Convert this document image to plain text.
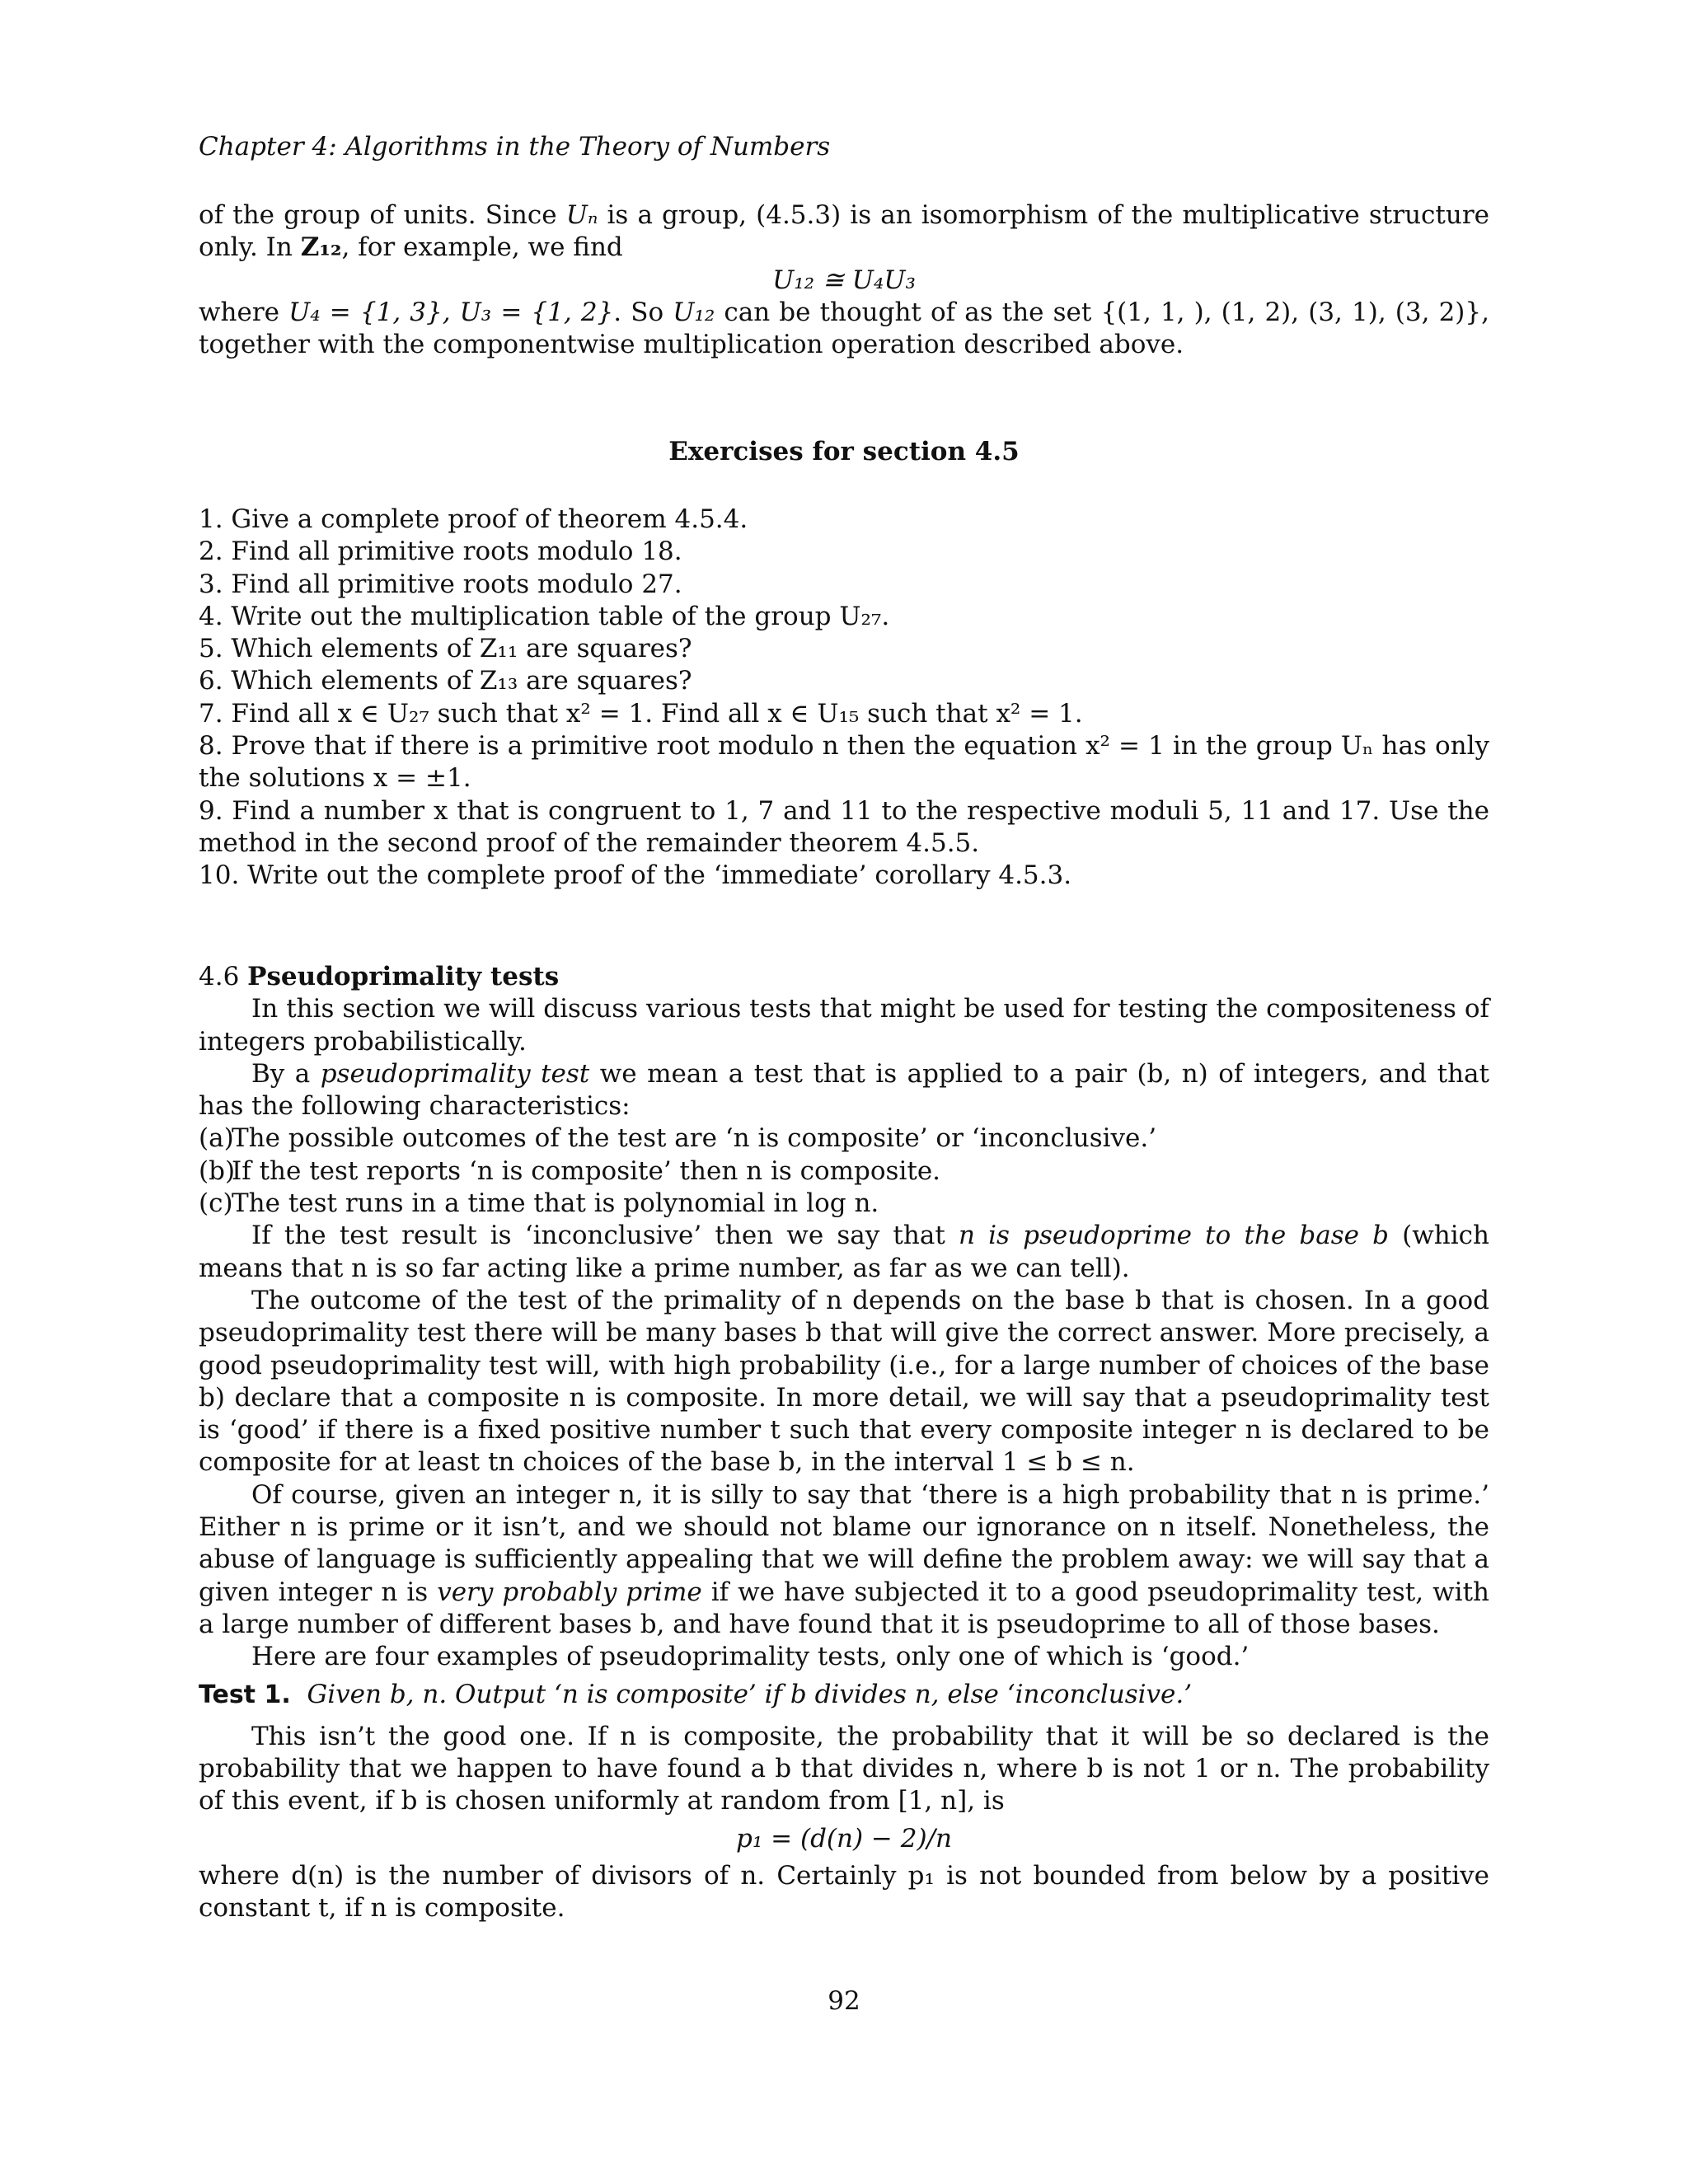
Chapter 4: Algorithms in the Theory of Numbers

of the group of units. Since Uₙ is a group, (4.5.3) is an isomorphism of the multiplicative structure only. In Z₁₂, for example, we find

U₁₂ ≅ U₄U₃

where U₄ = {1, 3}, U₃ = {1, 2}. So U₁₂ can be thought of as the set {(1, 1, ), (1, 2), (3, 1), (3, 2)}, together with the componentwise multiplication operation described above.

Exercises for section 4.5
1. Give a complete proof of theorem 4.5.4.
2. Find all primitive roots modulo 18.
3. Find all primitive roots modulo 27.
4. Write out the multiplication table of the group U₂₇.
5. Which elements of Z₁₁ are squares?
6. Which elements of Z₁₃ are squares?
7. Find all x ∈ U₂₇ such that x² = 1. Find all x ∈ U₁₅ such that x² = 1.
8. Prove that if there is a primitive root modulo n then the equation x² = 1 in the group Uₙ has only the solutions x = ±1.
9. Find a number x that is congruent to 1, 7 and 11 to the respective moduli 5, 11 and 17. Use the method in the second proof of the remainder theorem 4.5.5.
10. Write out the complete proof of the ‘immediate’ corollary 4.5.3.
4.6 Pseudoprimality tests

In this section we will discuss various tests that might be used for testing the compositeness of integers probabilistically.

By a pseudoprimality test we mean a test that is applied to a pair (b, n) of integers, and that has the following characteristics:

(a)The possible outcomes of the test are ‘n is composite’ or ‘inconclusive.’
(b)If the test reports ‘n is composite’ then n is composite.
(c)The test runs in a time that is polynomial in log n.

If the test result is ‘inconclusive’ then we say that n is pseudoprime to the base b (which means that n is so far acting like a prime number, as far as we can tell).

The outcome of the test of the primality of n depends on the base b that is chosen. In a good pseudoprimality test there will be many bases b that will give the correct answer. More precisely, a good pseudoprimality test will, with high probability (i.e., for a large number of choices of the base b) declare that a composite n is composite. In more detail, we will say that a pseudoprimality test is ‘good’ if there is a fixed positive number t such that every composite integer n is declared to be composite for at least tn choices of the base b, in the interval 1 ≤ b ≤ n.

Of course, given an integer n, it is silly to say that ‘there is a high probability that n is prime.’ Either n is prime or it isn’t, and we should not blame our ignorance on n itself. Nonetheless, the abuse of language is sufficiently appealing that we will define the problem away: we will say that a given integer n is very probably prime if we have subjected it to a good pseudoprimality test, with a large number of different bases b, and have found that it is pseudoprime to all of those bases.

Here are four examples of pseudoprimality tests, only one of which is ‘good.’

Test 1. Given b, n. Output ‘n is composite’ if b divides n, else ‘inconclusive.’

This isn’t the good one. If n is composite, the probability that it will be so declared is the probability that we happen to have found a b that divides n, where b is not 1 or n. The probability of this event, if b is chosen uniformly at random from [1, n], is

p₁ = (d(n) − 2)/n

where d(n) is the number of divisors of n. Certainly p₁ is not bounded from below by a positive constant t, if n is composite.

92
